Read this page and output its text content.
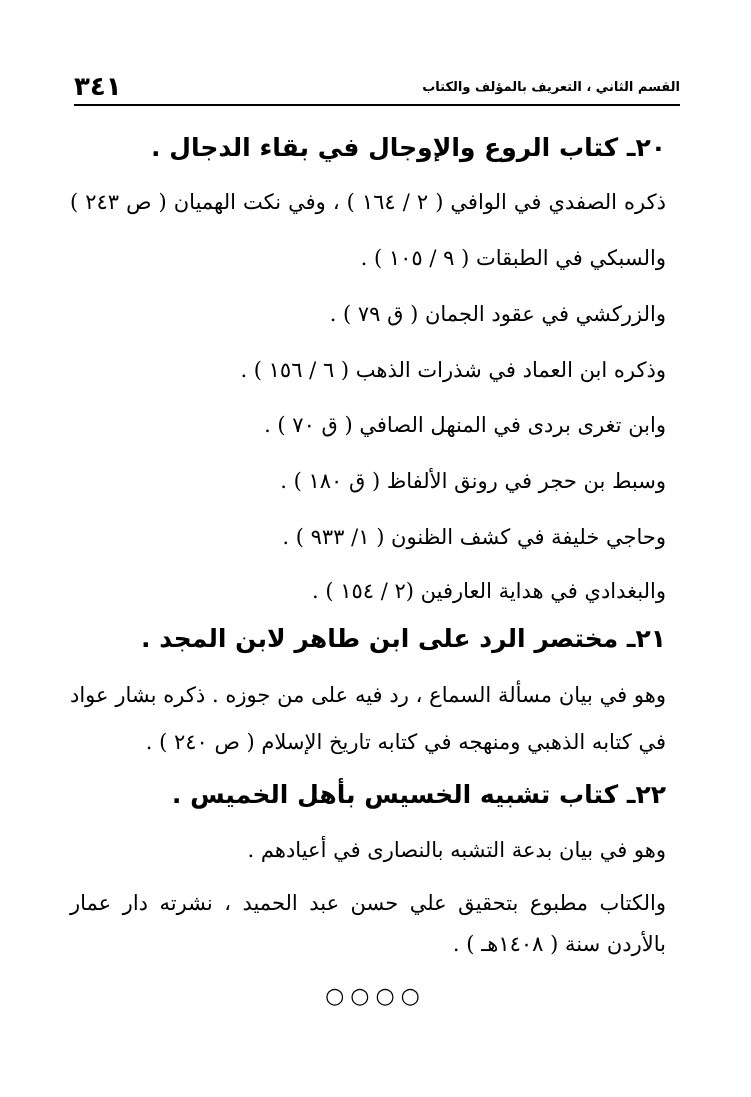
٣٤١	القسم الثاني ، التعريف بالمؤلف والكتاب
٢٠ـ كتاب الروع والإوجال في بقاء الدجال .
ذكره الصفدي في الوافي ( ٢ / ١٦٤ ) ، وفي نكت الهميان ( ص ٢٤٣ )
والسبكي في الطبقات ( ٩ / ١٠٥ ) .
والزركشي في عقود الجمان ( ق ٧٩ ) .
وذكره ابن العماد في شذرات الذهب ( ٦ / ١٥٦ ) .
وابن تغرى بردى في المنهل الصافي ( ق ٧٠ ) .
وسبط بن حجر في رونق الألفاظ ( ق ١٨٠ ) .
وحاجي خليفة في كشف الظنون ( ١/ ٩٣٣ ) .
والبغدادي في هداية العارفين (٢ / ١٥٤ ) .
٢١ـ مختصر الرد على ابن طاهر لابن المجد .
وهو في بيان مسألة السماع ، رد فيه على من جوزه . ذكره بشار عواد
في كتابه الذهبي ومنهجه في كتابه تاريخ الإسلام ( ص ٢٤٠ ) .
٢٢ـ كتاب تشبيه الخسيس بأهل الخميس .
وهو في بيان بدعة التشبه بالنصارى في أعيادهم .
والكتاب مطبوع بتحقيق علي حسن عبد الحميد ، نشرته دار عمار
بالأردن سنة ( ١٤٠٨هـ ) .
○○○○
